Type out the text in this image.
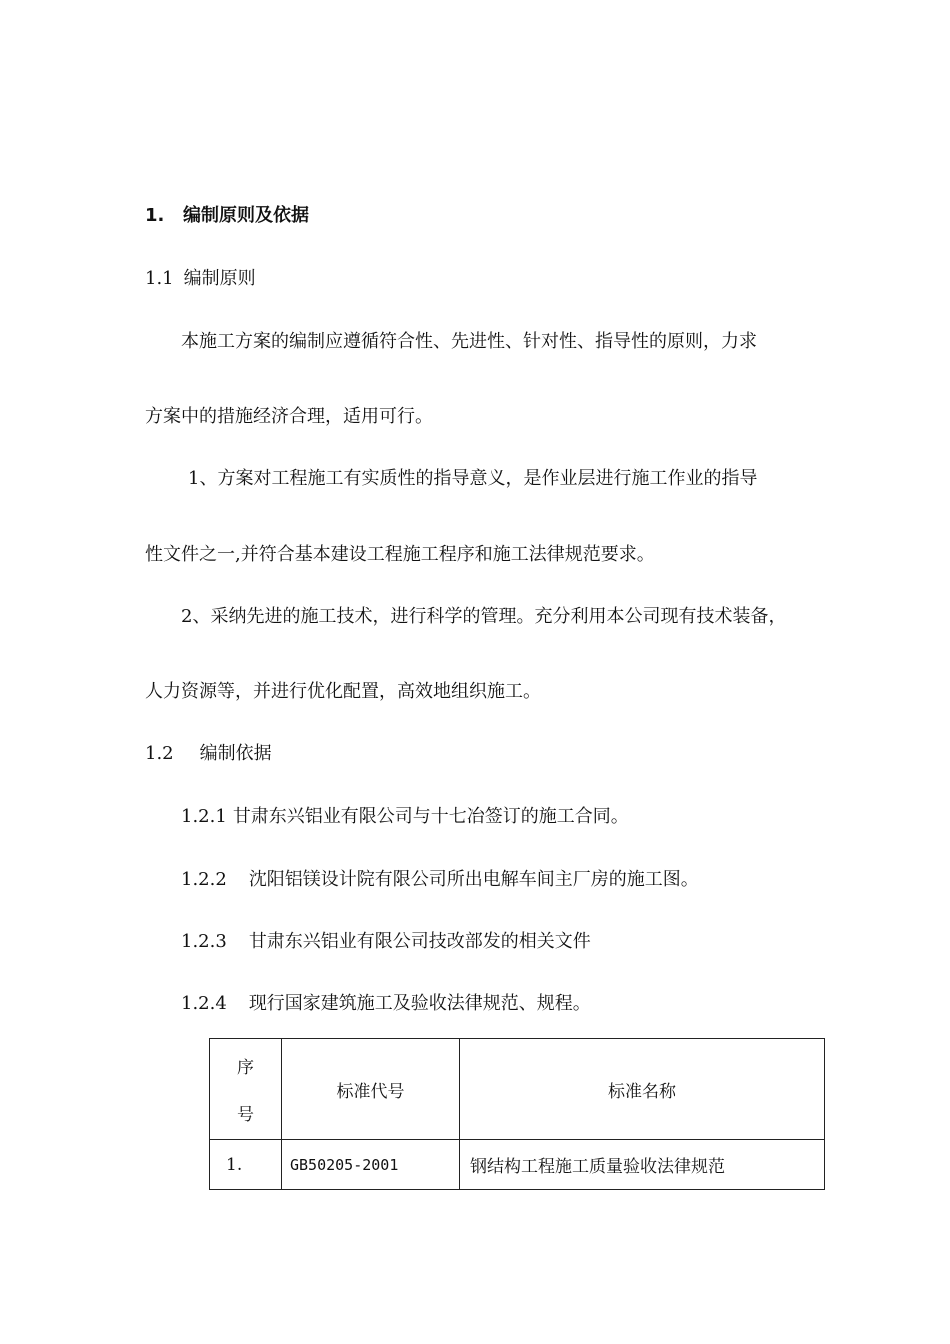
1. 编制原则及依据
1.1 编制原则
本施工方案的编制应遵循符合性、先进性、针对性、指导性的原则，力求
方案中的措施经济合理，适用可行。
1、方案对工程施工有实质性的指导意义，是作业层进行施工作业的指导
性文件之一,并符合基本建设工程施工程序和施工法律规范要求。
2、采纳先进的施工技术，进行科学的管理。充分利用本公司现有技术装备，
人力资源等，并进行优化配置，高效地组织施工。
1.2 编制依据
1.2.1 甘肃东兴铝业有限公司与十七冶签订的施工合同。
1.2.2 沈阳铝镁设计院有限公司所出电解车间主厂房的施工图。
1.2.3 甘肃东兴铝业有限公司技改部发的相关文件
1.2.4 现行国家建筑施工及验收法律规范、规程。
序
号	标准代号	标准名称
1.	GB50205-2001	钢结构工程施工质量验收法律规范
